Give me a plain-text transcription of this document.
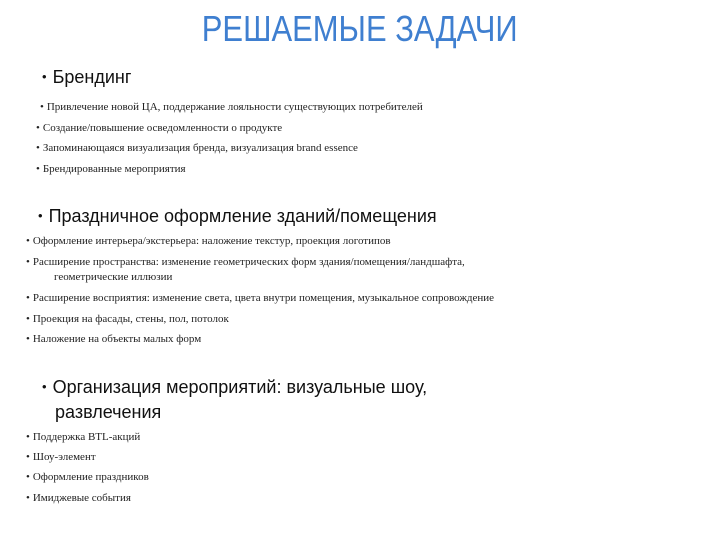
РЕШАЕМЫЕ ЗАДАЧИ
• Брендинг
• Привлечение новой ЦА, поддержание лояльности существующих потребителей
• Создание/повышение осведомленности о продукте
• Запоминающаяся визуализация бренда, визуализация brand essence
• Брендированные мероприятия
• Праздничное оформление зданий/помещения
• Оформление интерьера/экстерьера: наложение текстур, проекция логотипов
• Расширение пространства: изменение геометрических форм здания/помещения/ландшафта,
геометрические иллюзии
• Расширение восприятия: изменение света, цвета внутри помещения, музыкальное сопровождение
• Проекция на фасады, стены, пол, потолок
• Наложение на объекты малых форм
• Организация мероприятий: визуальные шоу,
развлечения
• Поддержка BTL-акций
• Шоу-элемент
• Оформление праздников
• Имиджевые события
